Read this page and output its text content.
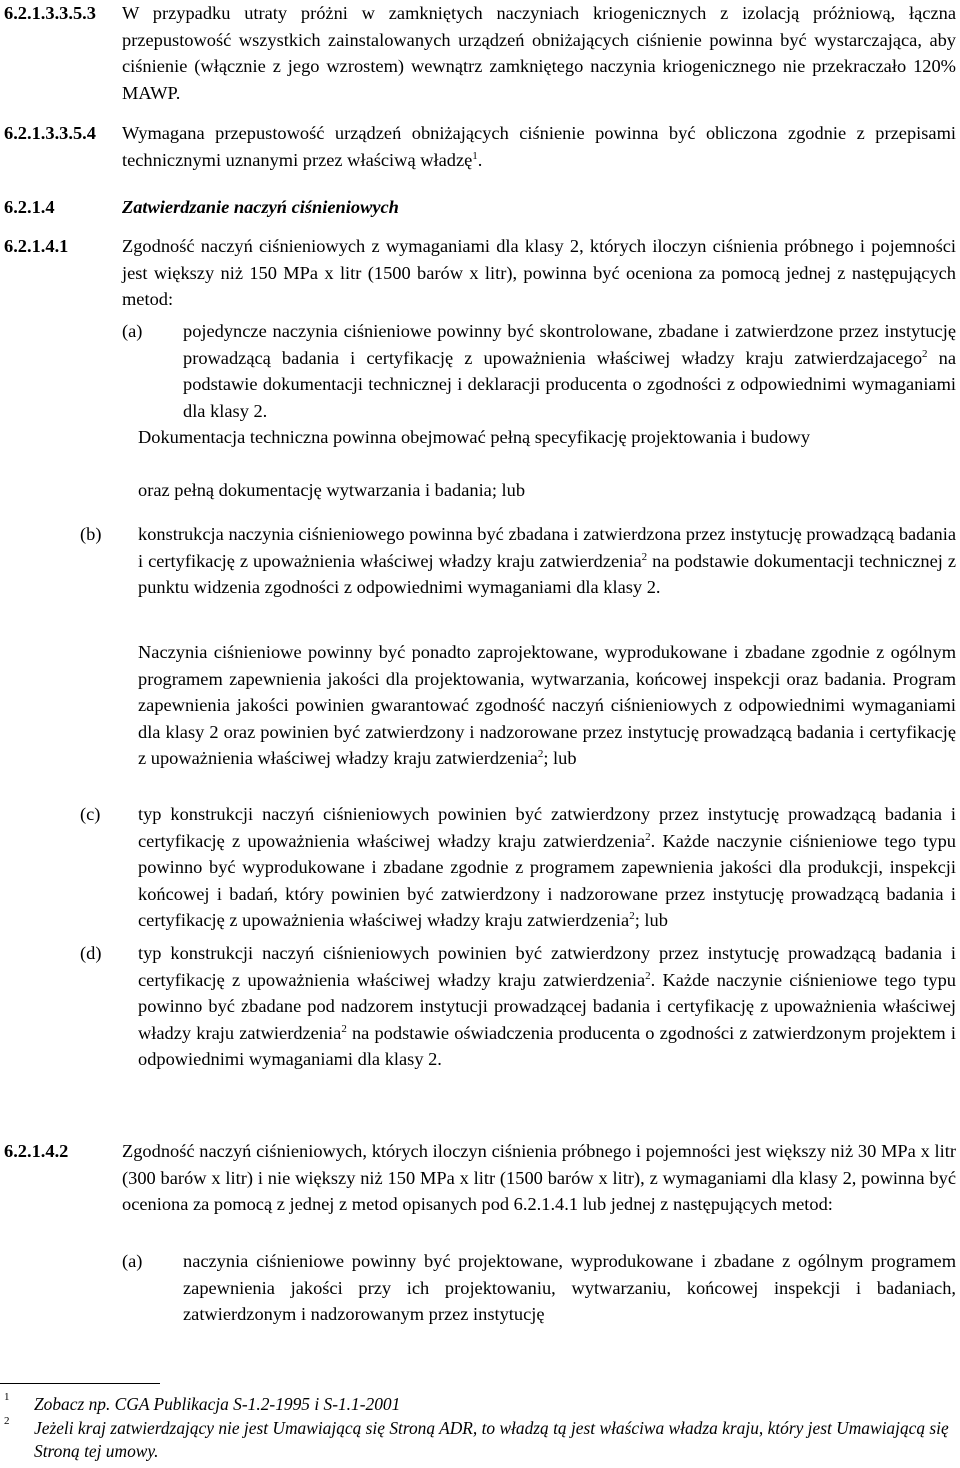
6.2.1.3.3.5.3 W przypadku utraty próżni w zamkniętych naczyniach kriogenicznych z izolacją próżniową, łączna przepustowość wszystkich zainstalowanych urządzeń obniżających ciśnienie powinna być wystarczająca, aby ciśnienie (włącznie z jego wzrostem) wewnątrz zamkniętego naczynia kriogenicznego nie przekraczało 120% MAWP.

6.2.1.3.3.5.4 Wymagana przepustowość urządzeń obniżających ciśnienie powinna być obliczona zgodnie z przepisami technicznymi uznanymi przez właściwą władzę$^1$.

6.2.1.4	Zatwierdzanie naczyń ciśnieniowych

6.2.1.4.1	Zgodność naczyń ciśnieniowych z wymaganiami dla klasy 2, których iloczyn ciśnienia próbnego i pojemności jest większy niż 150 MPa x litr (1500 barów x litr), powinna być oceniona za pomocą jednej z następujących metod:

(a) pojedyncze naczynia ciśnieniowe powinny być skontrolowane, zbadane i zatwierdzone przez instytucję prowadzącą badania i certyfikację z upoważnienia właściwej władzy kraju zatwierdzajacego$^2$ na podstawie dokumentacji technicznej i deklaracji producenta o zgodności z odpowiednimi wymaganiami dla klasy 2.

Dokumentacja techniczna powinna obejmować pełną specyfikację projektowania i budowy

oraz pełną dokumentację wytwarzania i badania; lub

(b) konstrukcja naczynia ciśnieniowego powinna być zbadana i zatwierdzona przez instytucję prowadzącą badania i certyfikację z upoważnienia właściwej władzy kraju zatwierdzenia$^2$ na podstawie dokumentacji technicznej z punktu widzenia zgodności z odpowiednimi wymaganiami dla klasy 2.

Naczynia ciśnieniowe powinny być ponadto zaprojektowane, wyprodukowane i zbadane zgodnie z ogólnym programem zapewnienia jakości dla projektowania, wytwarzania, końcowej inspekcji oraz badania. Program zapewnienia jakości powinien gwarantować zgodność naczyń ciśnieniowych z odpowiednimi wymaganiami dla klasy 2 oraz powinien być zatwierdzony i nadzorowane przez instytucję prowadzącą badania i certyfikację z upoważnienia właściwej władzy kraju zatwierdzenia$^2$; lub

(c) typ konstrukcji naczyń ciśnieniowych powinien być zatwierdzony przez instytucję prowadzącą badania i certyfikację z upoważnienia właściwej władzy kraju zatwierdzenia$^2$. Każde naczynie ciśnieniowe tego typu powinno być wyprodukowane i zbadane zgodnie z programem zapewnienia jakości dla produkcji, inspekcji końcowej i badań, który powinien być zatwierdzony i nadzorowane przez instytucję prowadzącą badania i certyfikację z upoważnienia właściwej władzy kraju zatwierdzenia$^2$; lub

(d) typ konstrukcji naczyń ciśnieniowych powinien być zatwierdzony przez instytucję prowadzącą badania i certyfikację z upoważnienia właściwej władzy kraju zatwierdzenia$^2$. Każde naczynie ciśnieniowe tego typu powinno być zbadane pod nadzorem instytucji prowadzącej badania i certyfikację z upoważnienia właściwej władzy kraju zatwierdzenia$^2$ na podstawie oświadczenia producenta o zgodności z zatwierdzonym projektem i odpowiednimi wymaganiami dla klasy 2.

6.2.1.4.2	Zgodność naczyń ciśnieniowych, których iloczyn ciśnienia próbnego i pojemności jest większy niż 30 MPa x litr (300 barów x litr) i nie większy niż 150 MPa x litr (1500 barów x litr), z wymaganiami dla klasy 2, powinna być oceniona za pomocą z jednej z metod opisanych pod 6.2.1.4.1 lub jednej z następujących metod:

(a) naczynia ciśnieniowe powinny być projektowane, wyprodukowane i zbadane z ogólnym programem zapewnienia jakości przy ich projektowaniu, wytwarzaniu, końcowej inspekcji i badaniach, zatwierdzonym i nadzorowanym przez instytucję

1 Zobacz np. CGA Publikacja S-1.2-1995 i S-1.1-2001

2 Jeżeli kraj zatwierdzający nie jest Umawiającą się Stroną ADR, to władzą tą jest właściwa władza kraju, który jest Umawiającą się Stroną tej umowy.
